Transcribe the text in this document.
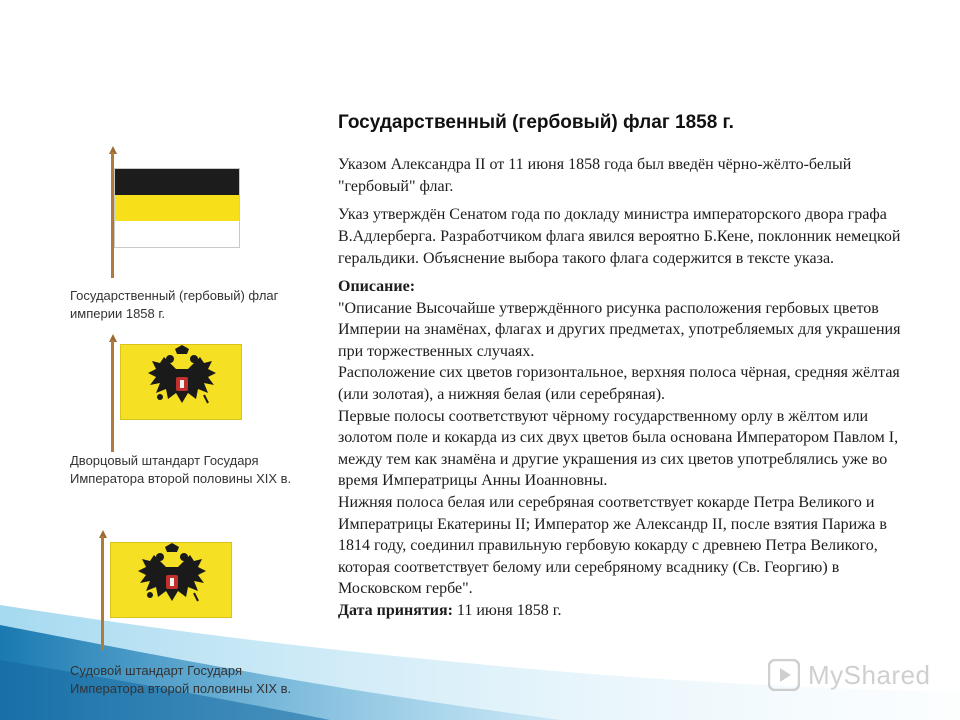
Государственный (гербовый) флаг империи 1858 г.
Дворцовый штандарт Государя Императора второй половины XIX в.
Судовой штандарт Государя Императора второй половины XIX в.
Государственный (гербовый) флаг 1858 г.

Указом Александра II от 11 июня 1858 года был введён чёрно-жёлто-белый "гербовый" флаг.

Указ утверждён Сенатом года по докладу министра императорского двора графа В.Адлерберга. Разработчиком флага явился вероятно Б.Кене, поклонник немецкой геральдики. Объяснение выбора такого флага содержится в тексте указа.

Описание:
"Описание Высочайше утверждённого рисунка расположения гербовых цветов Империи на знамёнах, флагах и других предметах, употребляемых для украшения при торжественных случаях.
Расположение сих цветов горизонтальное, верхняя полоса чёрная, средняя жёлтая (или золотая), а нижняя белая (или серебряная).
Первые полосы соответствуют чёрному государственному орлу в жёлтом или золотом поле и кокарда из сих двух цветов была основана Императором Павлом I, между тем как знамёна и другие украшения из сих цветов употреблялись уже во время Императрицы Анны Иоанновны.
Нижняя полоса белая или серебряная соответствует кокарде Петра Великого и Императрицы Екатерины II; Император же Александр II, после взятия Парижа в 1814 году, соединил правильную гербовую кокарду с древнею Петра Великого, которая соответствует белому или серебряному всаднику (Св. Георгию) в Московском гербе".
Дата принятия: 11 июня 1858 г.
MyShared
